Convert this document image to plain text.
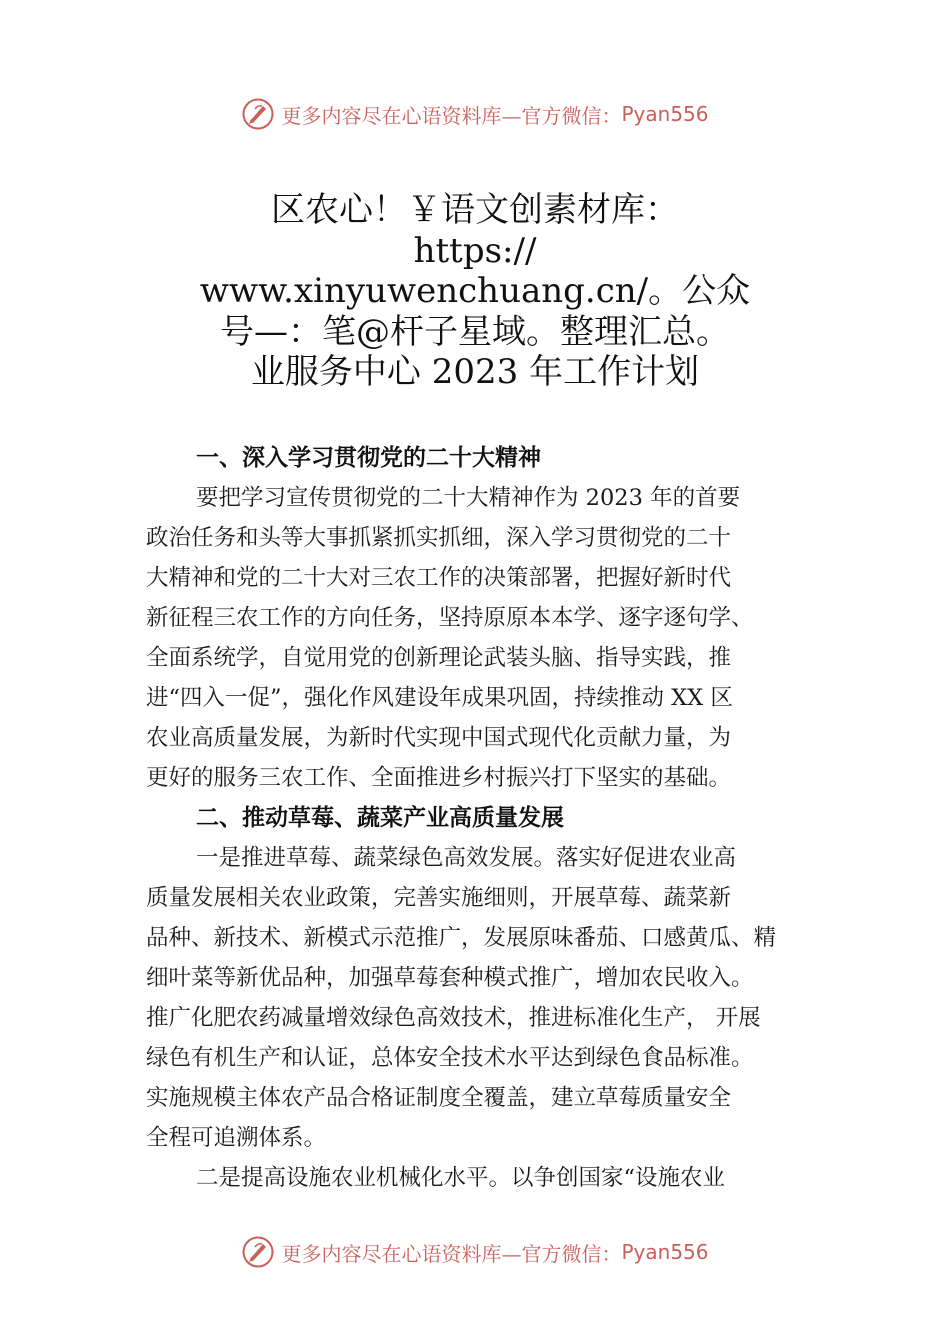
更多内容尽在心语资料库—官方微信： Pyan556
区农心！￥语文创素材库：
https://
www.xinyuwenchuang.cn/。公众
号—：笔@杆子星域。整理汇总。
业服务中心 2023 年工作计划
一、深入学习贯彻党的二十大精神
要把学习宣传贯彻党的二十大精神作为 2023 年的首要
政治任务和头等大事抓紧抓实抓细，深入学习贯彻党的二十
大精神和党的二十大对三农工作的决策部署，把握好新时代
新征程三农工作的方向任务，坚持原原本本学、逐字逐句学、
全面系统学，自觉用党的创新理论武装头脑、指导实践，推
进“四入一促”，强化作风建设年成果巩固，持续推动 XX 区
农业高质量发展，为新时代实现中国式现代化贡献力量，为
更好的服务三农工作、全面推进乡村振兴打下坚实的基础。
二、推动草莓、蔬菜产业高质量发展
一是推进草莓、蔬菜绿色高效发展。落实好促进农业高
质量发展相关农业政策，完善实施细则，开展草莓、蔬菜新
品种、新技术、新模式示范推广，发展原味番茄、口感黄瓜、精
细叶菜等新优品种，加强草莓套种模式推广，增加农民收入。
推广化肥农药减量增效绿色高效技术，推进标准化生产， 开展
绿色有机生产和认证，总体安全技术水平达到绿色食品标准。
实施规模主体农产品合格证制度全覆盖，建立草莓质量安全
全程可追溯体系。
二是提高设施农业机械化水平。以争创国家“设施农业
更多内容尽在心语资料库—官方微信： Pyan556
